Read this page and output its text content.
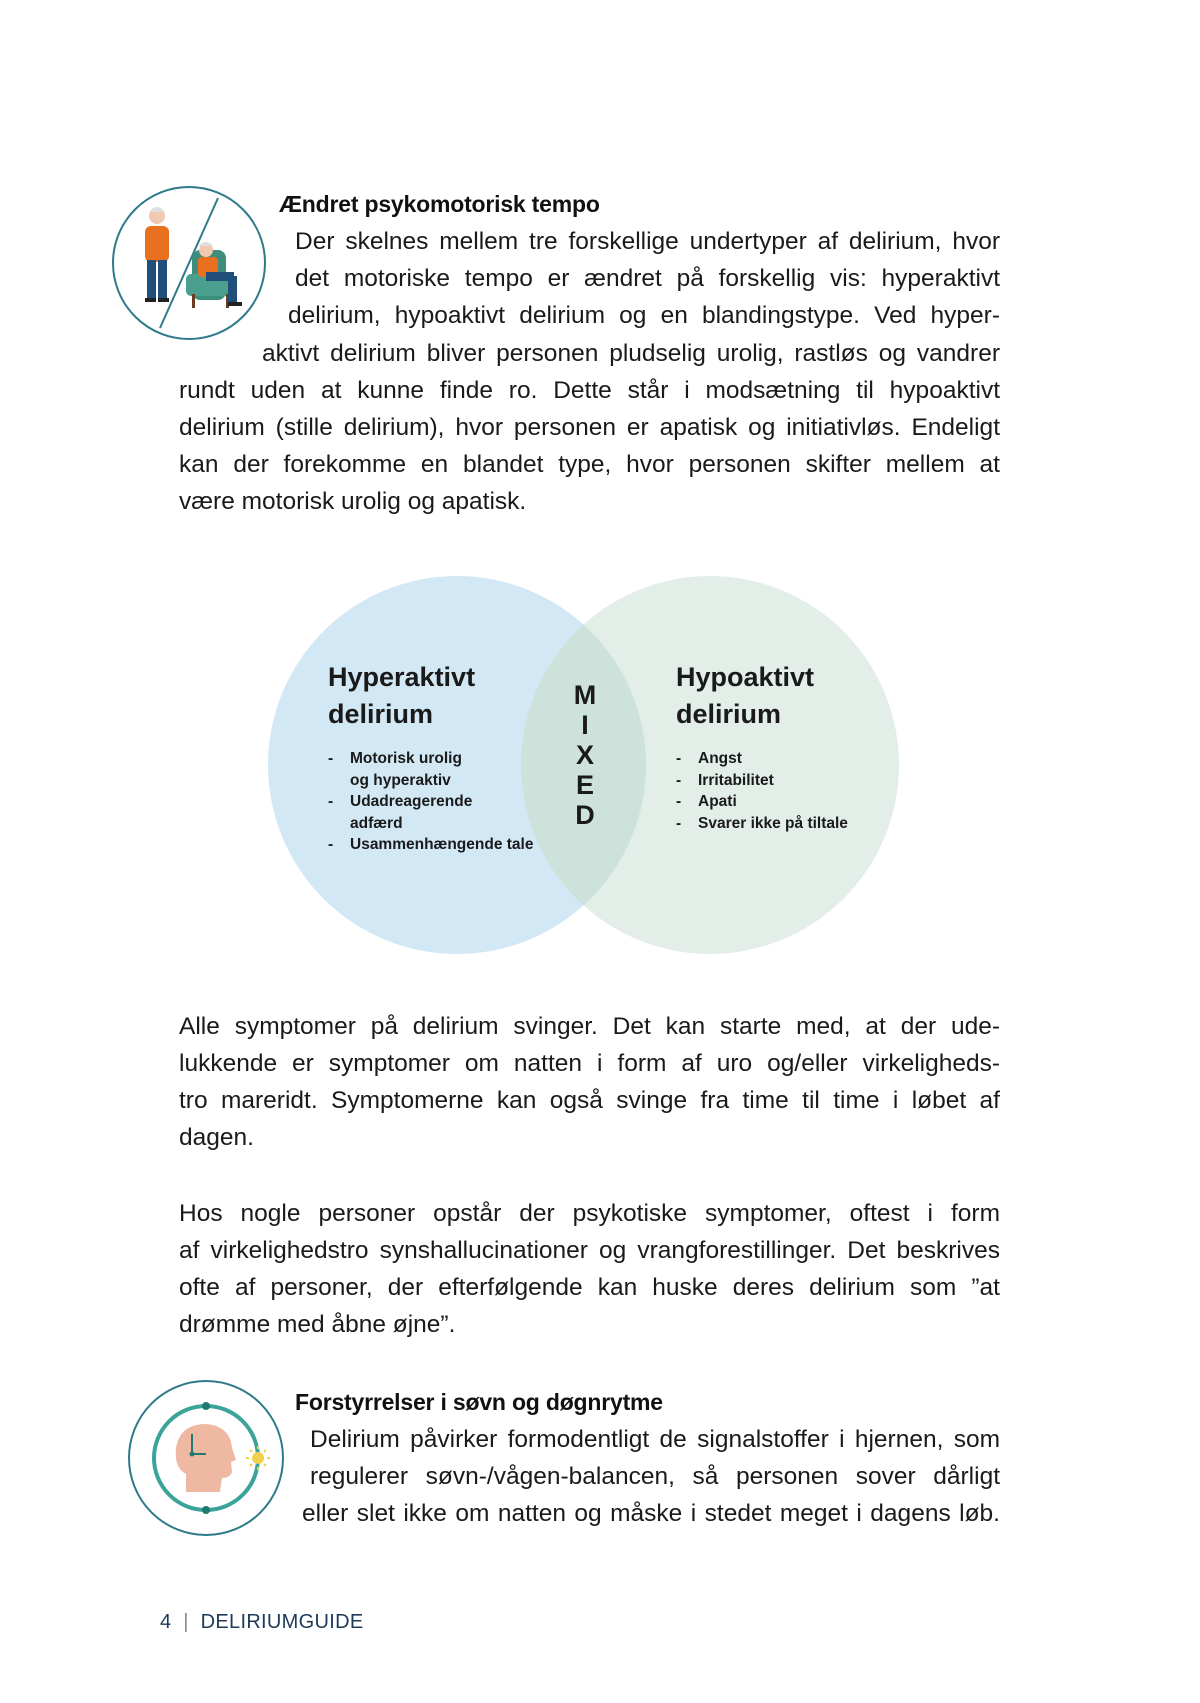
Ændret psykomotorisk tempo
Der skelnes mellem tre forskellige undertyper af delirium, hvor
det motoriske tempo er ændret på forskellig vis: hyperaktivt
delirium, hypoaktivt delirium og en blandingstype. Ved hyper-
aktivt delirium bliver personen pludselig urolig, rastløs og vandrer
rundt uden at kunne finde ro. Dette står i modsætning til hypoaktivt
delirium (stille delirium), hvor personen er apatisk og initiativløs. Endeligt
kan der forekomme en blandet type, hvor personen skifter mellem at
være motorisk urolig og apatisk.
Hyperaktivt
delirium
- Motorisk urolig
og hyperaktiv
- Udadreagerende
adfærd
- Usammenhængende tale
M
I
X
E
D
Hypoaktivt
delirium
- Angst
- Irritabilitet
- Apati
- Svarer ikke på tiltale
Alle symptomer på delirium svinger. Det kan starte med, at der ude-
lukkende er symptomer om natten i form af uro og/eller virkeligheds-
tro mareridt. Symptomerne kan også svinge fra time til time i løbet af
dagen.
Hos nogle personer opstår der psykotiske symptomer, oftest i form
af virkelighedstro synshallucinationer og vrangforestillinger. Det beskrives
ofte af personer, der efterfølgende kan huske deres delirium som ”at
drømme med åbne øjne”.
Forstyrrelser i søvn og døgnrytme
Delirium påvirker formodentligt de signalstoffer i hjernen, som
regulerer søvn-/vågen-balancen, så personen sover dårligt
eller slet ikke om natten og måske i stedet meget i dagens løb.
4 | DELIRIUMGUIDE
